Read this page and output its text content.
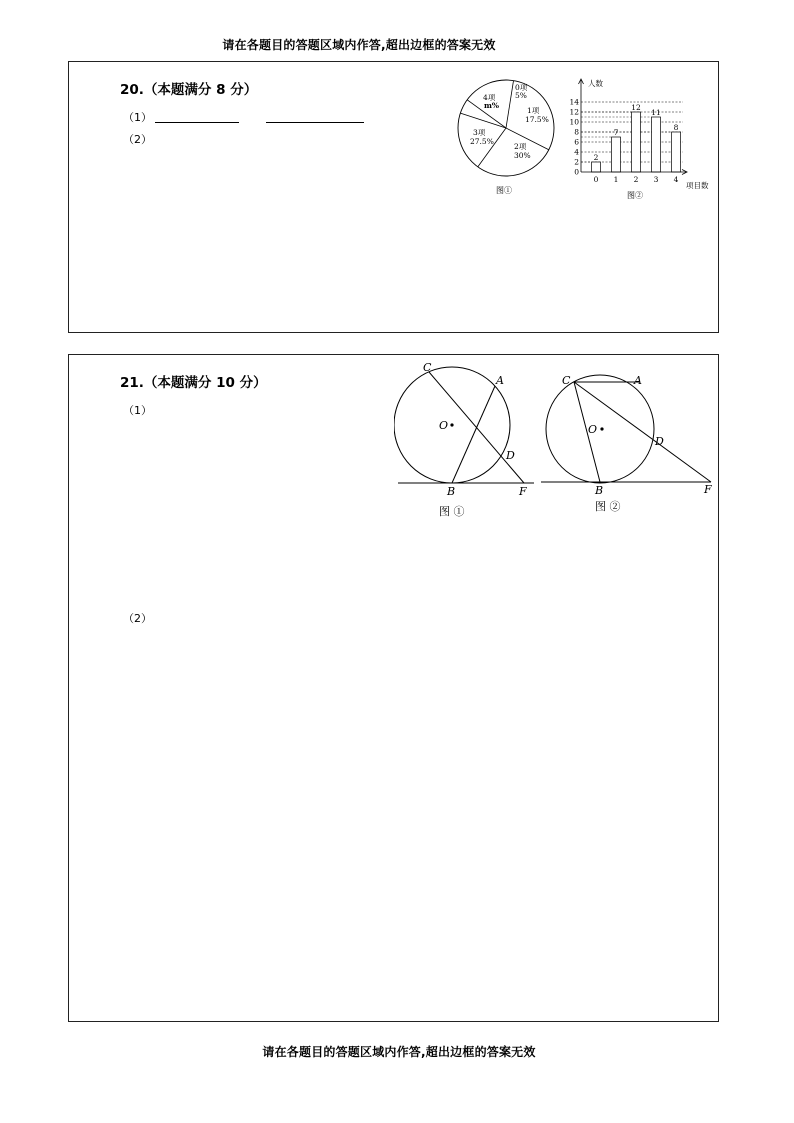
请在各题目的答题区域内作答,超出边框的答案无效
20.（本题满分 8 分）
（1）
（2）
0项
5%
1项
17.5%
2项
30%
3项
27.5%
4项
m%
图①
0
2
4
6
8
10
12
14
0 1 2 3 4
2
7
12
11
8
人数
项目数
图②
21.（本题满分 10 分）
（1）
（2）
C
A
O
D
B	F
图 ①
C	A
O
D
B	F
图 ②
请在各题目的答题区域内作答,超出边框的答案无效
